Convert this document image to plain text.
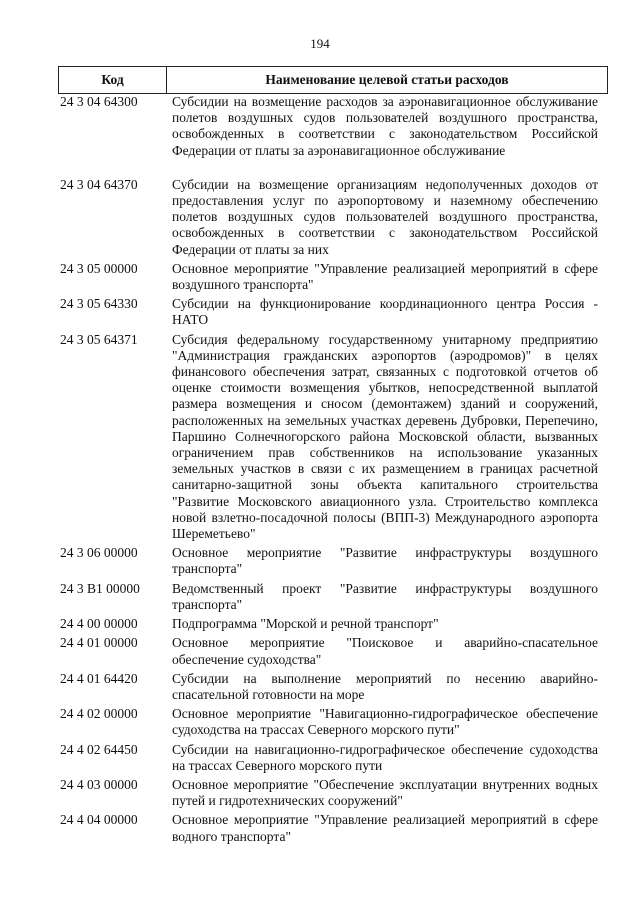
194
Код	Наименование целевой статьи расходов
24 3 04 64300	Субсидии на возмещение расходов за аэронавигационное обслуживание полетов воздушных судов пользователей воздушного пространства, освобожденных в соответствии с законодательством Российской Федерации от платы за аэронавигационное обслуживание
24 3 04 64370	Субсидии на возмещение организациям недополученных доходов от предоставления услуг по аэропортовому и наземному обеспечению полетов воздушных судов пользователей воздушного пространства, освобожденных в соответствии с законодательством Российской Федерации от платы за них
24 3 05 00000	Основное мероприятие "Управление реализацией мероприятий в сфере воздушного транспорта"
24 3 05 64330	Субсидии на функционирование координационного центра Россия - НАТО
24 3 05 64371	Субсидия федеральному государственному унитарному предприятию "Администрация гражданских аэропортов (аэродромов)" в целях финансового обеспечения затрат, связанных с подготовкой отчетов об оценке стоимости возмещения убытков, непосредственной выплатой размера возмещения и сносом (демонтажем) зданий и сооружений, расположенных на земельных участках деревень Дубровки, Перепечино, Паршино Солнечногорского района Московской области, вызванных ограничением прав собственников на использование указанных земельных участков в связи с их размещением в границах расчетной санитарно-защитной зоны объекта капитального строительства "Развитие Московского авиационного узла. Строительство комплекса новой взлетно-посадочной полосы (ВПП-3) Международного аэропорта Шереметьево"
24 3 06 00000	Основное мероприятие "Развитие инфраструктуры воздушного транспорта"
24 3 В1 00000	Ведомственный проект "Развитие инфраструктуры воздушного транспорта"
24 4 00 00000	Подпрограмма "Морской и речной транспорт"
24 4 01 00000	Основное мероприятие "Поисковое и аварийно-спасательное обеспечение судоходства"
24 4 01 64420	Субсидии на выполнение мероприятий по несению аварийно-спасательной готовности на море
24 4 02 00000	Основное мероприятие "Навигационно-гидрографическое обеспечение судоходства на трассах Северного морского пути"
24 4 02 64450	Субсидии на навигационно-гидрографическое обеспечение судоходства на трассах Северного морского пути
24 4 03 00000	Основное мероприятие "Обеспечение эксплуатации внутренних водных путей и гидротехнических сооружений"
24 4 04 00000	Основное мероприятие "Управление реализацией мероприятий в сфере водного транспорта"
